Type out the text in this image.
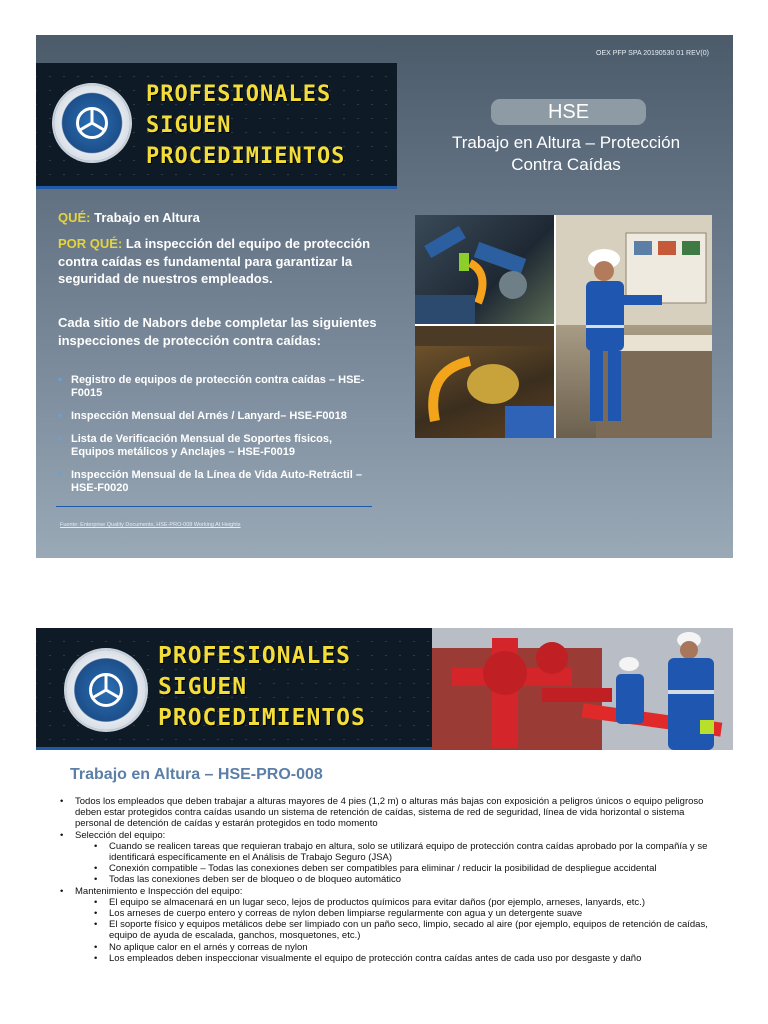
OEX PFP SPA 20190530 01 REV(0)
PROFESIONALES
SIGUEN
PROCEDIMIENTOS
HSE
Trabajo en Altura – Protección
Contra Caídas
QUÉ: Trabajo en Altura
POR QUÉ: La inspección del equipo de protección contra caídas es fundamental para garantizar la seguridad de nuestros empleados.
Cada sitio de Nabors debe completar las siguientes inspecciones de protección contra caídas:
• Registro de equipos de protección contra caídas – HSE-F0015
• Inspección Mensual del Arnés / Lanyard– HSE-F0018
• Lista de Verificación Mensual de Soportes físicos, Equipos metálicos y Anclajes – HSE-F0019
• Inspección Mensual de la Línea de Vida Auto-Retráctil – HSE-F0020
Fuente: Enterprise Quality Documents, HSE-PRO-008 Working At Heights
PROFESIONALES
SIGUEN
PROCEDIMIENTOS
Trabajo en Altura – HSE-PRO-008
• Todos los empleados que deben trabajar a alturas mayores de 4 pies (1,2 m) o alturas más bajas con exposición a peligros únicos o equipo peligroso deben estar protegidos contra caídas usando un sistema de retención de caídas, sistema de red de seguridad, línea de vida horizontal o sistema personal de detención de caídas y estarán protegidos en todo momento
• Selección del equipo:
• Cuando se realicen tareas que requieran trabajo en altura, solo se utilizará equipo de protección contra caídas aprobado por la compañía y se identificará específicamente en el Análisis de Trabajo Seguro (JSA)
• Conexión compatible – Todas las conexiones deben ser compatibles para eliminar / reducir la posibilidad de despliegue accidental
• Todas las conexiones deben ser de bloqueo o de bloqueo automático
• Mantenimiento e Inspección del equipo:
• El equipo se almacenará en un lugar seco, lejos de productos químicos para evitar daños (por ejemplo, arneses, lanyards, etc.)
• Los arneses de cuerpo entero y correas de nylon deben limpiarse regularmente con agua y un detergente suave
• El soporte físico y equipos metálicos debe ser limpiado con un paño seco, limpio, secado al aire (por ejemplo, equipos de retención de caídas, equipo de ayuda de escalada, ganchos, mosquetones, etc.)
• No aplique calor en el arnés y correas de nylon
• Los empleados deben inspeccionar visualmente el equipo de protección contra caídas antes de cada uso por desgaste y daño
